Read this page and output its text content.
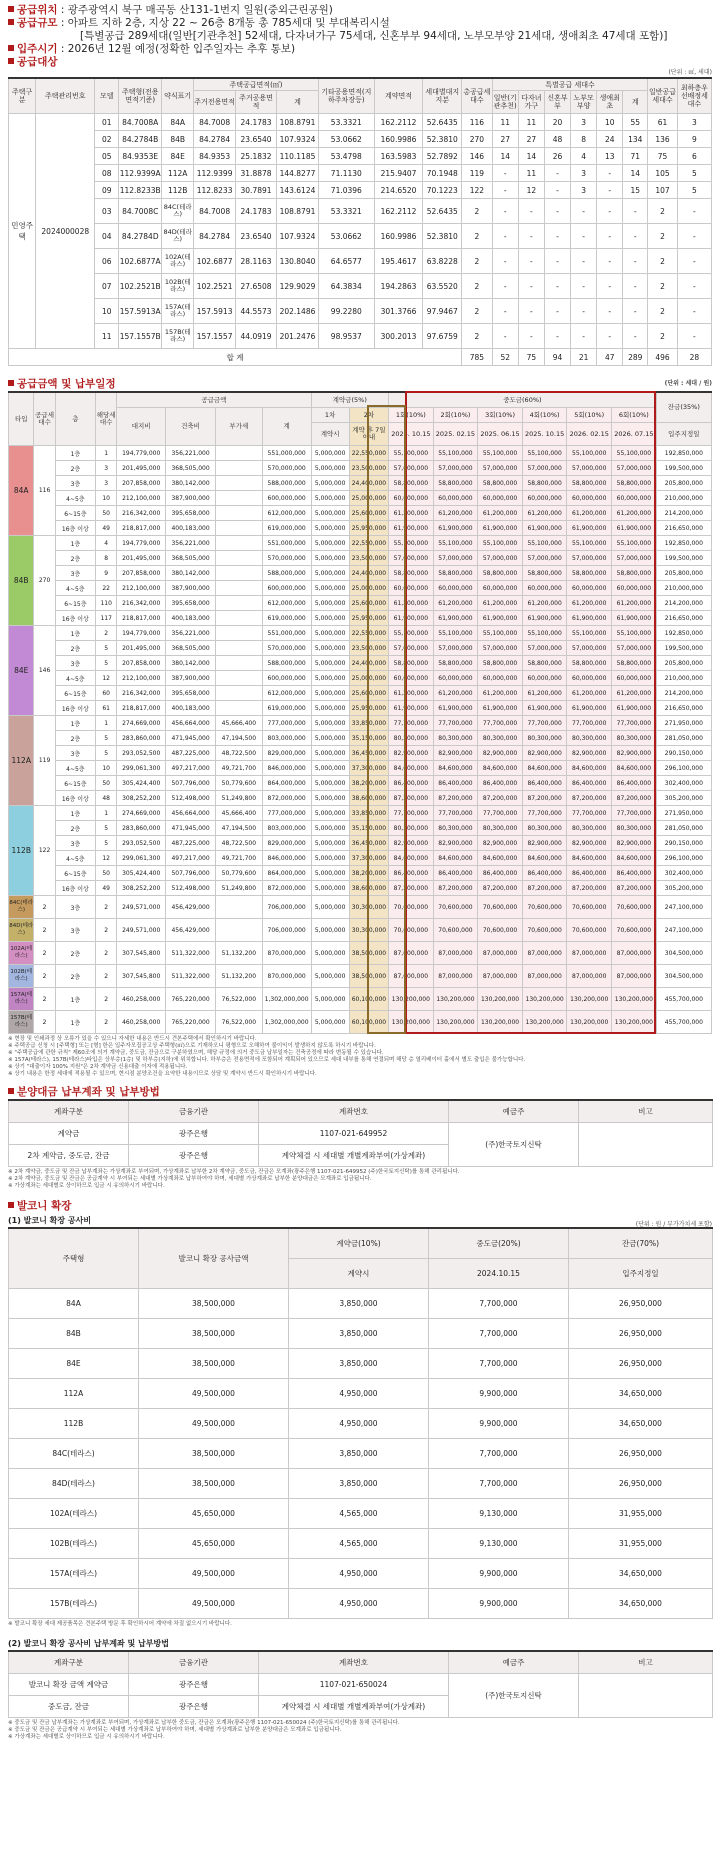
공급위치 : 광주광역시 북구 매곡동 산131-1번지 일원(중외근린공원)

공급규모 : 아파트 지하 2층, 지상 22 ~ 26층 8개동 총 785세대 및 부대복리시설

[특별공급 289세대(일반[기관추천] 52세대, 다자녀가구 75세대, 신혼부부 94세대, 노부모부양 21세대, 생애최초 47세대 포함)]

입주시기 : 2026년 12월 예정(정확한 입주일자는 추후 통보)

공급대상

(단위 : ㎡, 세대)
주택구분	주택관리번호	모델	주택형(전용면적기준)	약식표기	주택공급면적(㎡)			기타공용면적(지하주차장등)	계약면적	세대별대지지분	총공급세대수	특별공급 세대수						일반공급세대수	최하층우선배정세대수
					주거전용면적	주거공용면적	계					일반(기관추천)	다자녀가구	신혼부부	노부모부양	생애최초	계		
민영주택	2024000028	01	84.7008A	84A	84.7008	24.1783	108.8791	53.3321	162.2112	52.6435	116	11	11	20	3	10	55	61	3
		02	84.2784B	84B	84.2784	23.6540	107.9324	53.0662	160.9986	52.3810	270	27	27	48	8	24	134	136	9
		05	84.9353E	84E	84.9353	25.1832	110.1185	53.4798	163.5983	52.7892	146	14	14	26	4	13	71	75	6
		08	112.9399A	112A	112.9399	31.8878	144.8277	71.1130	215.9407	70.1948	119	-	11	-	3	-	14	105	5
		09	112.8233B	112B	112.8233	30.7891	143.6124	71.0396	214.6520	70.1223	122	-	12	-	3	-	15	107	5
		03	84.7008C	84C(테라스)	84.7008	24.1783	108.8791	53.3321	162.2112	52.6435	2	-	-	-	-	-	-	2	-
		04	84.2784D	84D(테라스)	84.2784	23.6540	107.9324	53.0662	160.9986	52.3810	2	-	-	-	-	-	-	2	-
		06	102.6877A	102A(테라스)	102.6877	28.1163	130.8040	64.6577	195.4617	63.8228	2	-	-	-	-	-	-	2	-
		07	102.2521B	102B(테라스)	102.2521	27.6508	129.9029	64.3834	194.2863	63.5520	2	-	-	-	-	-	-	2	-
		10	157.5913A	157A(테라스)	157.5913	44.5573	202.1486	99.2280	301.3766	97.9467	2	-	-	-	-	-	-	2	-
		11	157.1557B	157B(테라스)	157.1557	44.0919	201.2476	98.9537	300.2013	97.6759	2	-	-	-	-	-	-	2	-
합 계											785	52	75	94	21	47	289	496	28
공급금액 및 납부일정	(단위 : 세대 / 원)
타입	공급세대수	층	해당세대수	공급금액				계약금(5%)		중도금(60%)						잔금(35%)
				대지비	건축비	부가세	계	1차	2차	1회(10%)	2회(10%)	3회(10%)	4회(10%)	5회(10%)	6회(10%)	
								계약시	계약 후 7일 이내	2024. 10.15	2025. 02.15	2025. 06.15	2025. 10.15	2026. 02.15	2026. 07.15	입주지정일
84A	116	1층	1	194,779,000	356,221,000		551,000,000	5,000,000	22,550,000	55,100,000	55,100,000	55,100,000	55,100,000	55,100,000	55,100,000	192,850,000
		2층	3	201,495,000	368,505,000		570,000,000	5,000,000	23,500,000	57,000,000	57,000,000	57,000,000	57,000,000	57,000,000	57,000,000	199,500,000
		3층	3	207,858,000	380,142,000		588,000,000	5,000,000	24,400,000	58,800,000	58,800,000	58,800,000	58,800,000	58,800,000	58,800,000	205,800,000
		4~5층	10	212,100,000	387,900,000		600,000,000	5,000,000	25,000,000	60,000,000	60,000,000	60,000,000	60,000,000	60,000,000	60,000,000	210,000,000
		6~15층	50	216,342,000	395,658,000		612,000,000	5,000,000	25,600,000	61,200,000	61,200,000	61,200,000	61,200,000	61,200,000	61,200,000	214,200,000
		16층 이상	49	218,817,000	400,183,000		619,000,000	5,000,000	25,950,000	61,900,000	61,900,000	61,900,000	61,900,000	61,900,000	61,900,000	216,650,000
84B	270	1층	4	194,779,000	356,221,000		551,000,000	5,000,000	22,550,000	55,100,000	55,100,000	55,100,000	55,100,000	55,100,000	55,100,000	192,850,000
		2층	8	201,495,000	368,505,000		570,000,000	5,000,000	23,500,000	57,000,000	57,000,000	57,000,000	57,000,000	57,000,000	57,000,000	199,500,000
		3층	9	207,858,000	380,142,000		588,000,000	5,000,000	24,400,000	58,800,000	58,800,000	58,800,000	58,800,000	58,800,000	58,800,000	205,800,000
		4~5층	22	212,100,000	387,900,000		600,000,000	5,000,000	25,000,000	60,000,000	60,000,000	60,000,000	60,000,000	60,000,000	60,000,000	210,000,000
		6~15층	110	216,342,000	395,658,000		612,000,000	5,000,000	25,600,000	61,200,000	61,200,000	61,200,000	61,200,000	61,200,000	61,200,000	214,200,000
		16층 이상	117	218,817,000	400,183,000		619,000,000	5,000,000	25,950,000	61,900,000	61,900,000	61,900,000	61,900,000	61,900,000	61,900,000	216,650,000
84E	146	1층	2	194,779,000	356,221,000		551,000,000	5,000,000	22,550,000	55,100,000	55,100,000	55,100,000	55,100,000	55,100,000	55,100,000	192,850,000
		2층	5	201,495,000	368,505,000		570,000,000	5,000,000	23,500,000	57,000,000	57,000,000	57,000,000	57,000,000	57,000,000	57,000,000	199,500,000
		3층	5	207,858,000	380,142,000		588,000,000	5,000,000	24,400,000	58,800,000	58,800,000	58,800,000	58,800,000	58,800,000	58,800,000	205,800,000
		4~5층	12	212,100,000	387,900,000		600,000,000	5,000,000	25,000,000	60,000,000	60,000,000	60,000,000	60,000,000	60,000,000	60,000,000	210,000,000
		6~15층	60	216,342,000	395,658,000		612,000,000	5,000,000	25,600,000	61,200,000	61,200,000	61,200,000	61,200,000	61,200,000	61,200,000	214,200,000
		16층 이상	61	218,817,000	400,183,000		619,000,000	5,000,000	25,950,000	61,900,000	61,900,000	61,900,000	61,900,000	61,900,000	61,900,000	216,650,000
112A	119	1층	1	274,669,000	456,664,000	45,666,400	777,000,000	5,000,000	33,850,000	77,700,000	77,700,000	77,700,000	77,700,000	77,700,000	77,700,000	271,950,000
		2층	5	283,860,000	471,945,000	47,194,500	803,000,000	5,000,000	35,150,000	80,300,000	80,300,000	80,300,000	80,300,000	80,300,000	80,300,000	281,050,000
		3층	5	293,052,500	487,225,000	48,722,500	829,000,000	5,000,000	36,450,000	82,900,000	82,900,000	82,900,000	82,900,000	82,900,000	82,900,000	290,150,000
		4~5층	10	299,061,300	497,217,000	49,721,700	846,000,000	5,000,000	37,300,000	84,600,000	84,600,000	84,600,000	84,600,000	84,600,000	84,600,000	296,100,000
		6~15층	50	305,424,400	507,796,000	50,779,600	864,000,000	5,000,000	38,200,000	86,400,000	86,400,000	86,400,000	86,400,000	86,400,000	86,400,000	302,400,000
		16층 이상	48	308,252,200	512,498,000	51,249,800	872,000,000	5,000,000	38,600,000	87,200,000	87,200,000	87,200,000	87,200,000	87,200,000	87,200,000	305,200,000
112B	122	1층	1	274,669,000	456,664,000	45,666,400	777,000,000	5,000,000	33,850,000	77,700,000	77,700,000	77,700,000	77,700,000	77,700,000	77,700,000	271,950,000
		2층	5	283,860,000	471,945,000	47,194,500	803,000,000	5,000,000	35,150,000	80,300,000	80,300,000	80,300,000	80,300,000	80,300,000	80,300,000	281,050,000
		3층	5	293,052,500	487,225,000	48,722,500	829,000,000	5,000,000	36,450,000	82,900,000	82,900,000	82,900,000	82,900,000	82,900,000	82,900,000	290,150,000
		4~5층	12	299,061,300	497,217,000	49,721,700	846,000,000	5,000,000	37,300,000	84,600,000	84,600,000	84,600,000	84,600,000	84,600,000	84,600,000	296,100,000
		6~15층	50	305,424,400	507,796,000	50,779,600	864,000,000	5,000,000	38,200,000	86,400,000	86,400,000	86,400,000	86,400,000	86,400,000	86,400,000	302,400,000
		16층 이상	49	308,252,200	512,498,000	51,249,800	872,000,000	5,000,000	38,600,000	87,200,000	87,200,000	87,200,000	87,200,000	87,200,000	87,200,000	305,200,000
84C(테라스)	2	3층	2	249,571,000	456,429,000		706,000,000	5,000,000	30,300,000	70,600,000	70,600,000	70,600,000	70,600,000	70,600,000	70,600,000	247,100,000
84D(테라스)	2	3층	2	249,571,000	456,429,000		706,000,000	5,000,000	30,300,000	70,600,000	70,600,000	70,600,000	70,600,000	70,600,000	70,600,000	247,100,000
102A(테라스)	2	2층	2	307,545,800	511,322,000	51,132,200	870,000,000	5,000,000	38,500,000	87,000,000	87,000,000	87,000,000	87,000,000	87,000,000	87,000,000	304,500,000
102B(테라스)	2	2층	2	307,545,800	511,322,000	51,132,200	870,000,000	5,000,000	38,500,000	87,000,000	87,000,000	87,000,000	87,000,000	87,000,000	87,000,000	304,500,000
157A(테라스)	2	1층	2	460,258,000	765,220,000	76,522,000	1,302,000,000	5,000,000	60,100,000	130,200,000	130,200,000	130,200,000	130,200,000	130,200,000	130,200,000	455,700,000
157B(테라스)	2	1층	2	460,258,000	765,220,000	76,522,000	1,302,000,000	5,000,000	60,100,000	130,200,000	130,200,000	130,200,000	130,200,000	130,200,000	130,200,000	455,700,000
※ 현장 및 인쇄과정 상 오류가 있을 수 있으니 자세한 내용은 반드시 견본주택에서 확인하시기 바랍니다.
※ 주택공급 신청 시 [주택형] 또는 [형] 한은 입주자모집공고상 주택형(㎡)으로 기재하오니 평형으로 오해하여 불이익이 발생하지 않도록 하시기 바랍니다.
※ "주택공급에 관한 규칙" 제60조에 의거 계약금, 중도금, 잔금으로 구분하였으며, 해당 규정에 의거 중도금 납부일자는 건축공정에 따라 변동될 수 있습니다.
※ 157A(테라스), 157B(테라스)타입은 상부층(1층) 및 하부층(지하)에 위치합니다. 하부층은 전용면적에 포함되어 계획되어 있으므로 세대 내부를 통해 연결되며 해당 층 열리베이터 홀에서 별도 출입은 불가능합니다.
※ 상기 "대출이자 100% 지원"은 2차 계약금 신용대출 이자에 적용됩니다.
※ 상기 내용은 한정 세대에 적용될 수 있으며, 현시점 분양조건을 요약한 내용이므로 상담 및 계약시 반드시 확인하시기 바랍니다.
분양대금 납부계좌 및 납부방법
계좌구분	금융기관	계좌번호	예금주	비고
계약금	광주은행	1107-021-649952	(주)한국토지신탁	
2차 계약금, 중도금, 잔금	광주은행	계약체결 시 세대별 개별계좌부여(가상계좌)		
※ 2차 계약금, 중도금 및 잔금 납부계좌는 가상계좌로 부여되며, 가상계좌로 납부한 2차 계약금, 중도금, 잔금은 모계좌(광주은행 1107-021-649952 (주)한국토지신탁)를 통해 관리됩니다.
※ 2차 계약금, 중도금 및 잔금은 공급계약 시 부여되는 세대별 가상계좌로 납부하여야 하며, 세대별 가상계좌로 납부한 분양대금은 모계좌로 입금됩니다.
※ 가상계좌는 세대별로 상이하므로 입금 시 유의하시기 바랍니다.
발코니 확장
(1) 발코니 확장 공사비	(단위 : 원 / 부가가치세 포함)
주택형	발코니 확장 공사금액	계약금(10%)	중도금(20%)	잔금(70%)
		계약시	2024.10.15	입주지정일
84A	38,500,000	3,850,000	7,700,000	26,950,000
84B	38,500,000	3,850,000	7,700,000	26,950,000
84E	38,500,000	3,850,000	7,700,000	26,950,000
112A	49,500,000	4,950,000	9,900,000	34,650,000
112B	49,500,000	4,950,000	9,900,000	34,650,000
84C(테라스)	38,500,000	3,850,000	7,700,000	26,950,000
84D(테라스)	38,500,000	3,850,000	7,700,000	26,950,000
102A(테라스)	45,650,000	4,565,000	9,130,000	31,955,000
102B(테라스)	45,650,000	4,565,000	9,130,000	31,955,000
157A(테라스)	49,500,000	4,950,000	9,900,000	34,650,000
157B(테라스)	49,500,000	4,950,000	9,900,000	34,650,000
※ 발코니 확장 세대 제공품목은 견본주택 방문 후 확인하시어 계약에 차질 없으시기 바랍니다.
(2) 발코니 확장 공사비 납부계좌 및 납부방법
계좌구분	금융기관	계좌번호	예금주	비고
발코니 확장 금액 계약금	광주은행	1107-021-650024	(주)한국토지신탁	
중도금, 잔금	광주은행	계약체결 시 세대별 개별계좌부여(가상계좌)		
※ 중도금 및 잔금 납부계좌는 가상계좌로 부여되며, 가상계좌로 납부한 중도금, 잔금은 모계좌(광주은행 1107-021-650024 (주)한국토지신탁)를 통해 관리됩니다.
※ 중도금 및 잔금은 공급계약 시 부여되는 세대별 가상계좌로 납부하여야 하며, 세대별 가상계좌로 납부한 분양대금은 모계좌로 입금됩니다.
※ 가상계좌는 세대별로 상이하므로 입금 시 유의하시기 바랍니다.
